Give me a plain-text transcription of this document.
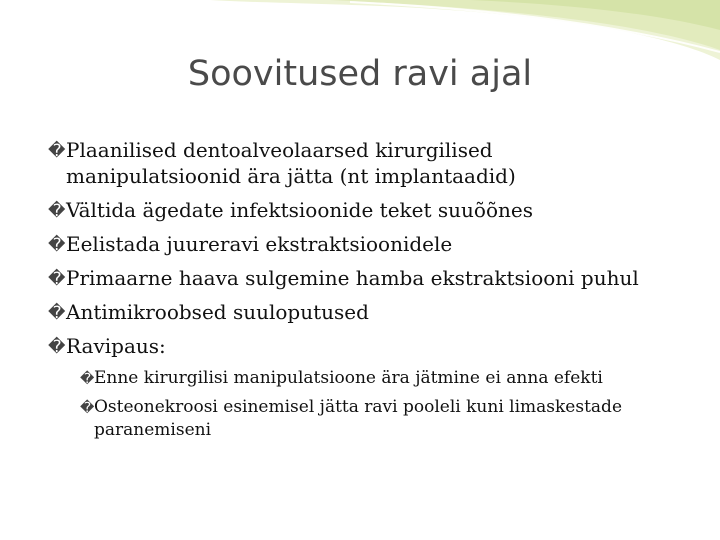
Soovitused ravi ajal
� Plaanilised dentoalveolaarsed kirurgilised
manipulatsioonid ära jätta (nt implantaadid)
� Vältida ägedate infektsioonide teket suuõõnes
� Eelistada juureravi ekstraktsioonidele
� Primaarne haava sulgemine hamba ekstraktsiooni puhul
� Antimikroobsed suuloputused
� Ravipaus:
� Enne kirurgilisi manipulatsioone ära jätmine ei anna efekti
� Osteonekroosi esinemisel jätta ravi pooleli kuni limaskestade
paranemiseni
